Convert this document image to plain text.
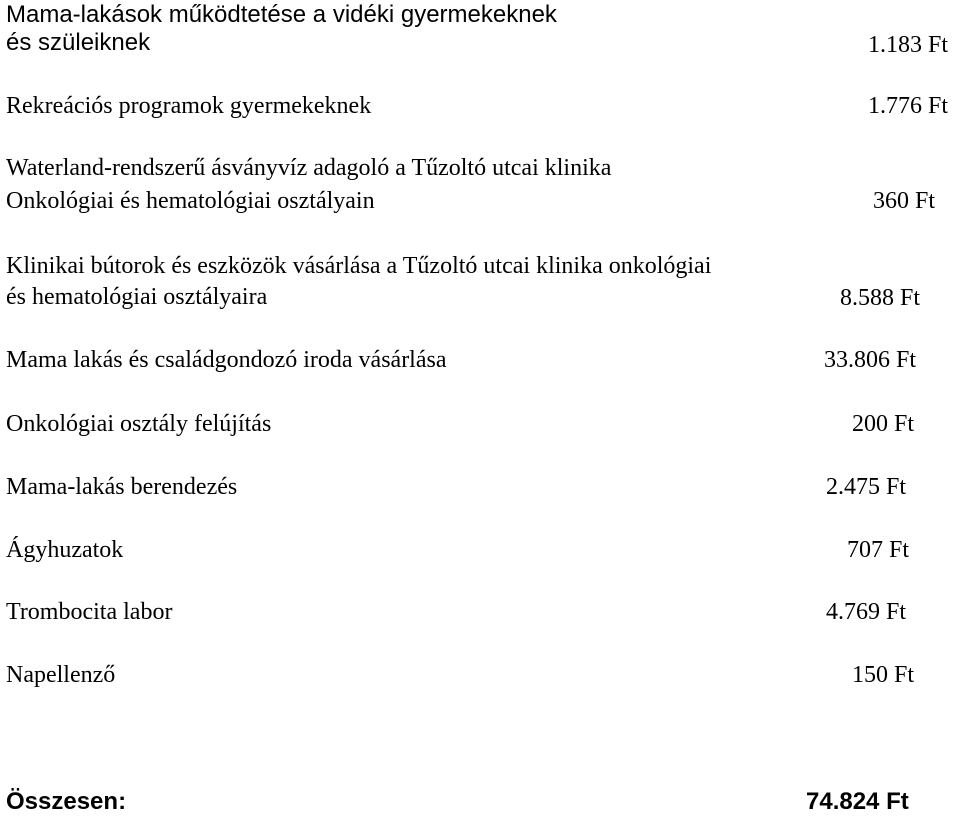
Mama-lakások működtetése a vidéki gyermekeknek
és szüleiknek	1.183 Ft
Rekreációs programok gyermekeknek	1.776 Ft
Waterland-rendszerű ásványvíz adagoló a Tűzoltó utcai klinika
Onkológiai és hematológiai osztályain	360 Ft
Klinikai bútorok és eszközök vásárlása a Tűzoltó utcai klinika onkológiai
és hematológiai osztályaira	8.588 Ft
Mama lakás és családgondozó iroda vásárlása	33.806 Ft
Onkológiai osztály felújítás	200 Ft
Mama-lakás berendezés	2.475 Ft
Ágyhuzatok	707 Ft
Trombocita labor	4.769 Ft
Napellenző	150 Ft
Összesen:	74.824 Ft
